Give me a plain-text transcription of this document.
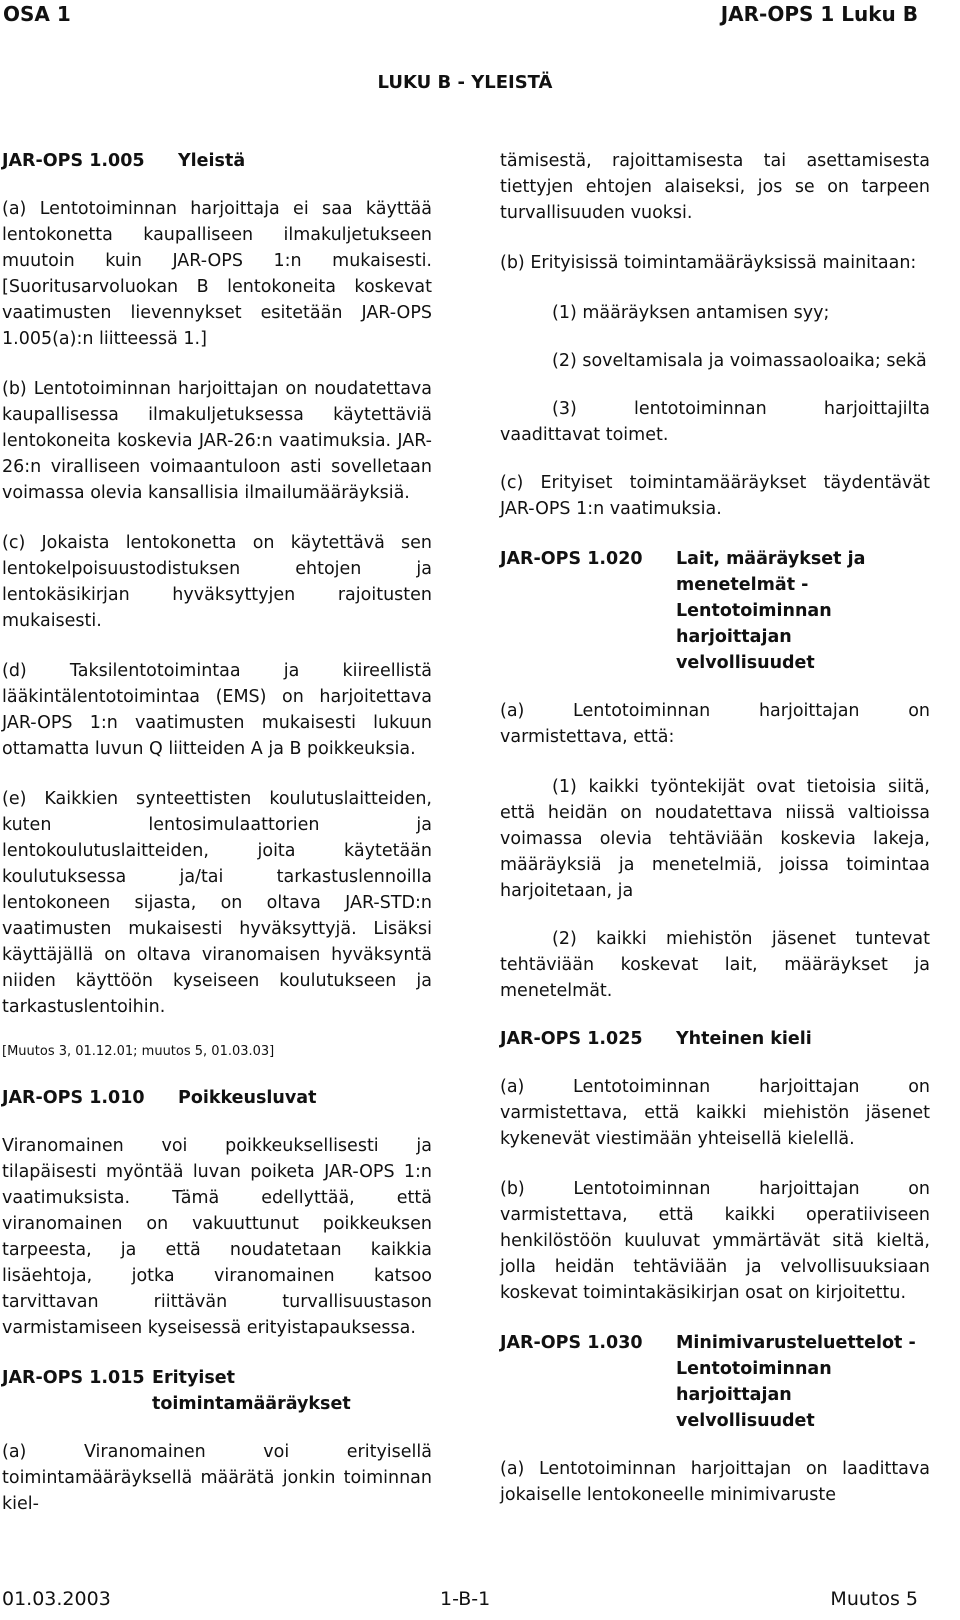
OSA 1	JAR-OPS 1 Luku B
LUKU B - YLEISTÄ
JAR-OPS 1.005	Yleistä

(a) Lentotoiminnan harjoittaja ei saa käyttää lentokonetta kaupalliseen ilmakuljetukseen muutoin kuin JAR-OPS 1:n mukaisesti. [Suoritusarvoluokan B lentokoneita koskevat vaatimusten lievennykset esitetään JAR-OPS 1.005(a):n liitteessä 1.]

(b) Lentotoiminnan harjoittajan on noudatettava kaupallisessa ilmakuljetuksessa käytettäviä lentokoneita koskevia JAR-26:n vaatimuksia. JAR-26:n viralliseen voimaantuloon asti sovelletaan voimassa olevia kansallisia ilmailumääräyksiä.

(c) Jokaista lentokonetta on käytettävä sen lentokelpoisuustodistuksen ehtojen ja lentokäsikirjan hyväksyttyjen rajoitusten mukaisesti.

(d) Taksilentotoimintaa ja kiireellistä lääkintälentotoimintaa (EMS) on harjoitettava JAR-OPS 1:n vaatimusten mukaisesti lukuun ottamatta luvun Q liitteiden A ja B poikkeuksia.

(e) Kaikkien synteettisten koulutuslaitteiden, kuten lentosimulaattorien ja lentokoulutuslaitteiden, joita käytetään koulutuksessa ja/tai tarkastuslennoilla lentokoneen sijasta, on oltava JAR-STD:n vaatimusten mukaisesti hyväksyttyjä. Lisäksi käyttäjällä on oltava viranomaisen hyväksyntä niiden käyttöön kyseiseen koulutukseen ja tarkastuslentoihin.

[Muutos 3, 01.12.01; muutos 5, 01.03.03]

JAR-OPS 1.010	Poikkeusluvat

Viranomainen voi poikkeuksellisesti ja tilapäisesti myöntää luvan poiketa JAR-OPS 1:n vaatimuksista. Tämä edellyttää, että viranomainen on vakuuttunut poikkeuksen tarpeesta, ja että noudatetaan kaikkia lisäehtoja, jotka viranomainen katsoo tarvittavan riittävän turvallisuustason varmistamiseen kyseisessä erityistapauksessa.

JAR-OPS 1.015 Erityiset toimintamääräykset

(a) Viranomainen voi erityisellä toimintamääräyksellä määrätä jonkin toiminnan kiel-

tämisestä, rajoittamisesta tai asettamisesta tiettyjen ehtojen alaiseksi, jos se on tarpeen turvallisuuden vuoksi.

(b) Erityisissä toimintamääräyksissä mainitaan:

(1) määräyksen antamisen syy;

(2) soveltamisala ja voimassaoloaika; sekä

(3) lentotoiminnan harjoittajilta vaadittavat toimet.

(c) Erityiset toimintamääräykset täydentävät JAR-OPS 1:n vaatimuksia.

JAR-OPS 1.020	Lait, määräykset ja menetelmät - Lentotoiminnan harjoittajan velvollisuudet

(a) Lentotoiminnan harjoittajan on varmistettava, että:

(1) kaikki työntekijät ovat tietoisia siitä, että heidän on noudatettava niissä valtioissa voimassa olevia tehtäviään koskevia lakeja, määräyksiä ja menetelmiä, joissa toimintaa harjoitetaan, ja

(2) kaikki miehistön jäsenet tuntevat tehtäviään koskevat lait, määräykset ja menetelmät.

JAR-OPS 1.025	Yhteinen kieli

(a) Lentotoiminnan harjoittajan on varmistettava, että kaikki miehistön jäsenet kykenevät viestimään yhteisellä kielellä.

(b) Lentotoiminnan harjoittajan on varmistettava, että kaikki operatiiviseen henkilöstöön kuuluvat ymmärtävät sitä kieltä, jolla heidän tehtäviään ja velvollisuuksiaan koskevat toimintakäsikirjan osat on kirjoitettu.

JAR-OPS 1.030	Minimivarusteluettelot - Lentotoiminnan harjoittajan velvollisuudet

(a) Lentotoiminnan harjoittajan on laadittava jokaiselle lentokoneelle minimivaruste

01.03.2003	1-B-1	Muutos 5
